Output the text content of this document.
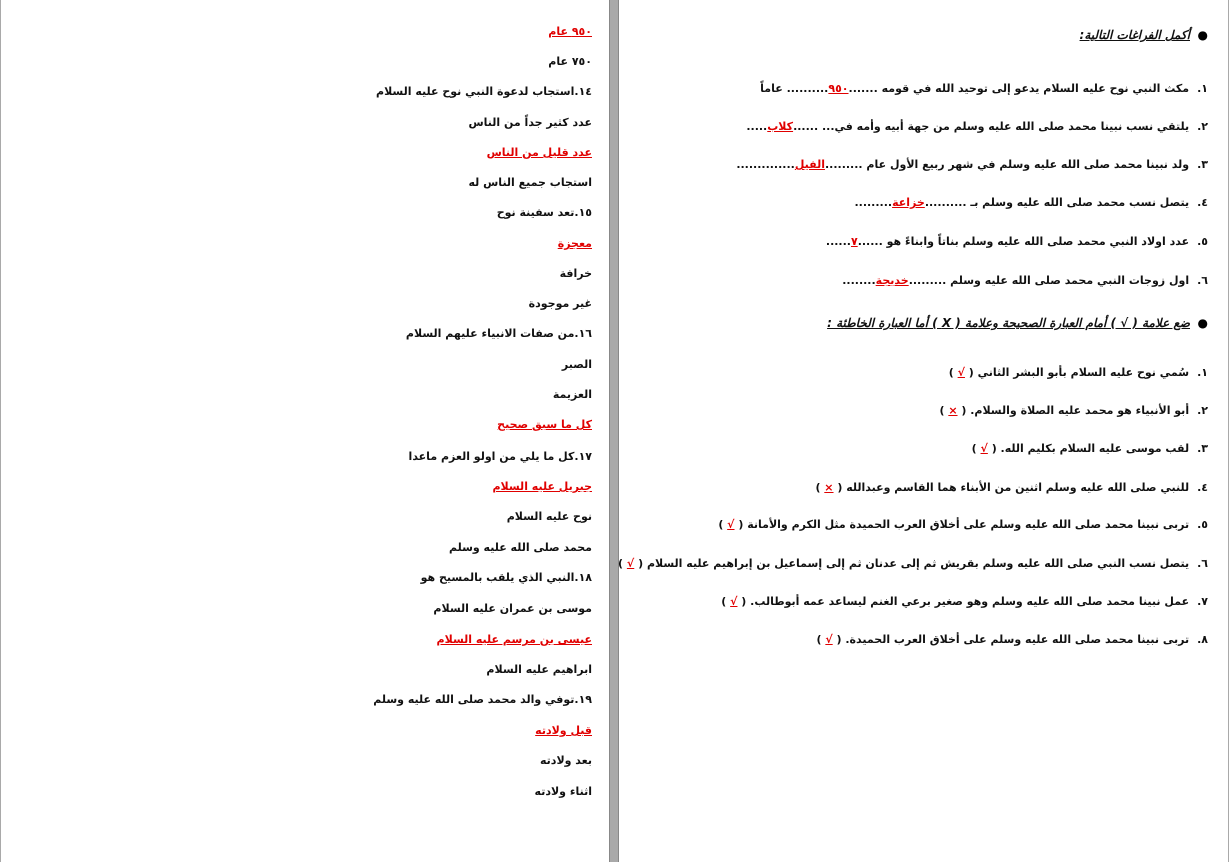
٩٥٠ عام
٧٥٠ عام
١٤.استجاب لدعوة النبي نوح عليه السلام
عدد كثير جداً من الناس
عدد قليل من الناس
استجاب جميع الناس له
١٥.تعد سفينة نوح
معجزة
خرافة
غير موجودة
١٦.من صفات الانبياء عليهم السلام
الصبر
العزيمة
كل ما سبق صحيح
١٧.كل ما يلي من اولو العزم ماعدا
جبريل عليه السلام
نوح عليه السلام
محمد صلى الله عليه وسلم
١٨.النبي الذي يلقب بالمسيح هو
موسى بن عمران عليه السلام
عيسى بن مرسم عليه السلام
ابراهيم عليه السلام
١٩.توفي والد محمد صلى الله عليه وسلم
قبل ولادته
بعد ولادته
اثناء ولادته
●
أكمل الفراغات التالية:
١.مكث النبي نوح عليه السلام يدعو إلى توحيد الله في قومه .......٩٥٠.......... عاماً
٢.يلتقي نسب نبينا محمد صلى الله عليه وسلم من جهة أبيه وأمه في... ......كلاب.....
٣.ولد نبينا محمد صلى الله عليه وسلم في شهر ربيع الأول عام .........الفيل..............
٤.يتصل نسب محمد صلى الله عليه وسلم بـ ..........خزاعة.........
٥.عدد اولاد النبي محمد صلى الله عليه وسلم بناتاً وابناءً هو ......٧......
٦.اول زوجات النبي محمد صلى الله عليه وسلم .........خديجة........
●
ضع علامة ( √ ) أمام العبارة الصحيحة وعلامة ( X ) أما العبارة الخاطئة :
١.سُمي نوح عليه السلام بأبو البشر الثاني ( √ )
٢.أبو الأنبياء هو محمد عليه الصلاة والسلام. ( × )
٣.لقب موسى عليه السلام بكليم الله. ( √ )
٤.للنبي صلى الله عليه وسلم اثنين من الأبناء هما القاسم وعبدالله ( × )
٥.تربى نبينا محمد صلى الله عليه وسلم على أخلاق العرب الحميدة مثل الكرم والأمانة ( √ )
٦.يتصل نسب النبي صلى الله عليه وسلم بقريش ثم إلى عدنان ثم إلى إسماعيل بن إبراهيم عليه السلام ( √ )
٧.عمل نبينا محمد صلى الله عليه وسلم وهو صغير برعي الغنم ليساعد عمه أبوطالب. ( √ )
٨.تربى نبينا محمد صلى الله عليه وسلم على أخلاق العرب الحميدة. ( √ )
